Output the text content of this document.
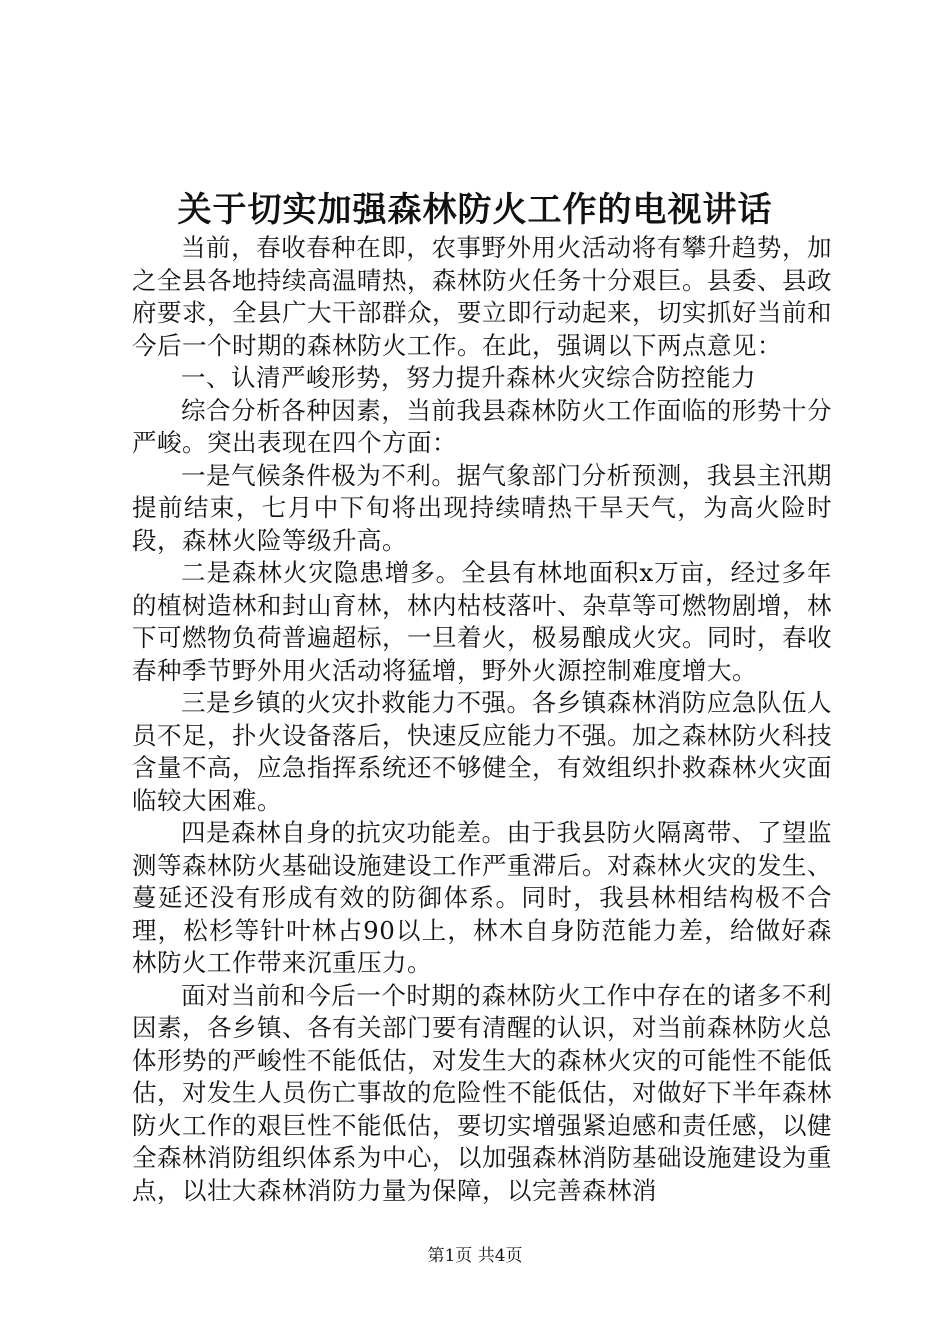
关于切实加强森林防火工作的电视讲话

当前，春收春种在即，农事野外用火活动将有攀升趋势，加之全县各地持续高温晴热，森林防火任务十分艰巨。县委、县政府要求，全县广大干部群众，要立即行动起来，切实抓好当前和今后一个时期的森林防火工作。在此，强调以下两点意见：

一、认清严峻形势，努力提升森林火灾综合防控能力

综合分析各种因素，当前我县森林防火工作面临的形势十分严峻。突出表现在四个方面：

一是气候条件极为不利。据气象部门分析预测，我县主汛期提前结束，七月中下旬将出现持续晴热干旱天气，为高火险时段，森林火险等级升高。

二是森林火灾隐患增多。全县有林地面积x万亩，经过多年的植树造林和封山育林，林内枯枝落叶、杂草等可燃物剧增，林下可燃物负荷普遍超标，一旦着火，极易酿成火灾。同时，春收春种季节野外用火活动将猛增，野外火源控制难度增大。

三是乡镇的火灾扑救能力不强。各乡镇森林消防应急队伍人员不足，扑火设备落后，快速反应能力不强。加之森林防火科技含量不高，应急指挥系统还不够健全，有效组织扑救森林火灾面临较大困难。

四是森林自身的抗灾功能差。由于我县防火隔离带、了望监测等森林防火基础设施建设工作严重滞后。对森林火灾的发生、蔓延还没有形成有效的防御体系。同时，我县林相结构极不合理，松杉等针叶林占90以上，林木自身防范能力差，给做好森林防火工作带来沉重压力。

面对当前和今后一个时期的森林防火工作中存在的诸多不利因素，各乡镇、各有关部门要有清醒的认识，对当前森林防火总体形势的严峻性不能低估，对发生大的森林火灾的可能性不能低估，对发生人员伤亡事故的危险性不能低估，对做好下半年森林防火工作的艰巨性不能低估，要切实增强紧迫感和责任感，以健全森林消防组织体系为中心，以加强森林消防基础设施建设为重点，以壮大森林消防力量为保障，以完善森林消

第1页 共4页
